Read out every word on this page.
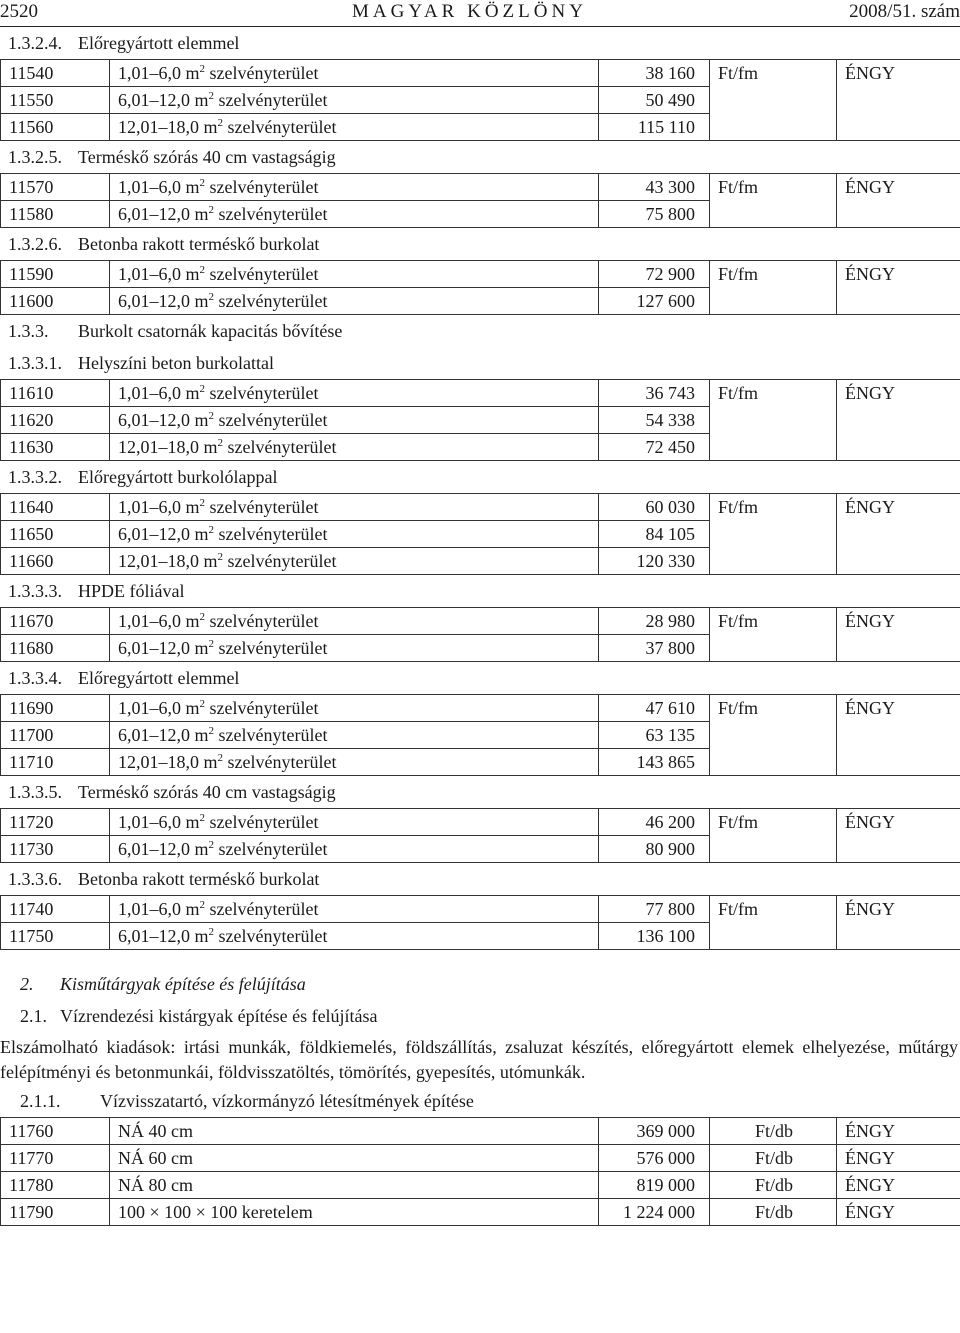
2520	MAGYAR KÖZLÖNY	2008/51. szám
1.3.2.4. Előregyártott elemmel
11540	1,01–6,0 $m^2$ szelvényterület	38 160	Ft/fm	ÉNGY
11550	6,01–12,0 $m^2$ szelvényterület	50 490		
11560	12,01–18,0 $m^2$ szelvényterület	115 110		
1.3.2.5. Terméskő szórás 40 cm vastagságig
11570	1,01–6,0 $m^2$ szelvényterület	43 300	Ft/fm	ÉNGY
11580	6,01–12,0 $m^2$ szelvényterület	75 800		
1.3.2.6. Betonba rakott terméskő burkolat
11590	1,01–6,0 $m^2$ szelvényterület	72 900	Ft/fm	ÉNGY
11600	6,01–12,0 $m^2$ szelvényterület	127 600		
1.3.3. Burkolt csatornák kapacitás bővítése
1.3.3.1. Helyszíni beton burkolattal
11610	1,01–6,0 $m^2$ szelvényterület	36 743	Ft/fm	ÉNGY
11620	6,01–12,0 $m^2$ szelvényterület	54 338		
11630	12,01–18,0 $m^2$ szelvényterület	72 450		
1.3.3.2. Előregyártott burkolólappal
11640	1,01–6,0 $m^2$ szelvényterület	60 030	Ft/fm	ÉNGY
11650	6,01–12,0 $m^2$ szelvényterület	84 105		
11660	12,01–18,0 $m^2$ szelvényterület	120 330		
1.3.3.3. HPDE fóliával
11670	1,01–6,0 $m^2$ szelvényterület	28 980	Ft/fm	ÉNGY
11680	6,01–12,0 $m^2$ szelvényterület	37 800		
1.3.3.4. Előregyártott elemmel
11690	1,01–6,0 $m^2$ szelvényterület	47 610	Ft/fm	ÉNGY
11700	6,01–12,0 $m^2$ szelvényterület	63 135		
11710	12,01–18,0 $m^2$ szelvényterület	143 865		
1.3.3.5. Terméskő szórás 40 cm vastagságig
11720	1,01–6,0 $m^2$ szelvényterület	46 200	Ft/fm	ÉNGY
11730	6,01–12,0 $m^2$ szelvényterület	80 900		
1.3.3.6. Betonba rakott terméskő burkolat
11740	1,01–6,0 $m^2$ szelvényterület	77 800	Ft/fm	ÉNGY
11750	6,01–12,0 $m^2$ szelvényterület	136 100		
2. Kisműtárgyak építése és felújítása
2.1. Vízrendezési kistárgyak építése és felújítása
Elszámolható kiadások: irtási munkák, földkiemelés, földszállítás, zsaluzat készítés, előregyártott elemek elhelyezése, műtárgy felépítményi és betonmunkái, földvisszatöltés, tömörítés, gyepesítés, utómunkák.
2.1.1. Vízvisszatartó, vízkormányzó létesítmények építése
11760	NÁ 40 cm	369 000	Ft/db	ÉNGY
11770	NÁ 60 cm	576 000	Ft/db	ÉNGY
11780	NÁ 80 cm	819 000	Ft/db	ÉNGY
11790	100 × 100 × 100 keretelem	1 224 000	Ft/db	ÉNGY
